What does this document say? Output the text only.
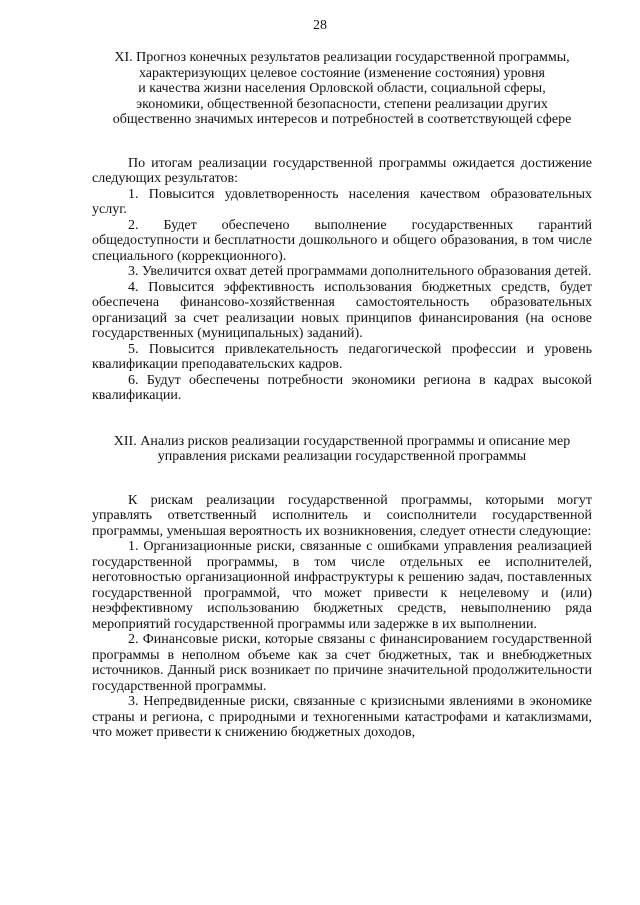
28
XI. Прогноз конечных результатов реализации государственной программы,
характеризующих целевое состояние (изменение состояния) уровня
и качества жизни населения Орловской области, социальной сферы,
экономики, общественной безопасности, степени реализации других
общественно значимых интересов и потребностей в соответствующей сфере

По итогам реализации государственной программы ожидается достижение следующих результатов:

1. Повысится удовлетворенность населения качеством образовательных услуг.

2. Будет обеспечено выполнение государственных гарантий общедоступности и бесплатности дошкольного и общего образования, в том числе специального (коррекционного).

3. Увеличится охват детей программами дополнительного образования детей.

4. Повысится эффективность использования бюджетных средств, будет обеспечена финансово-хозяйственная самостоятельность образовательных организаций за счет реализации новых принципов финансирования (на основе государственных (муниципальных) заданий).

5. Повысится привлекательность педагогической профессии и уровень квалификации преподавательских кадров.

6. Будут обеспечены потребности экономики региона в кадрах высокой квалификации.

XII. Анализ рисков реализации государственной программы и описание мер
управления рисками реализации государственной программы

К рискам реализации государственной программы, которыми могут управлять ответственный исполнитель и соисполнители государственной программы, уменьшая вероятность их возникновения, следует отнести следующие:

1. Организационные риски, связанные с ошибками управления реализацией государственной программы, в том числе отдельных ее исполнителей, неготовностью организационной инфраструктуры к решению задач, поставленных государственной программой, что может привести к нецелевому и (или) неэффективному использованию бюджетных средств, невыполнению ряда мероприятий государственной программы или задержке в их выполнении.

2. Финансовые риски, которые связаны с финансированием государственной программы в неполном объеме как за счет бюджетных, так и внебюджетных источников. Данный риск возникает по причине значительной продолжительности государственной программы.

3. Непредвиденные риски, связанные с кризисными явлениями в экономике страны и региона, с природными и техногенными катастрофами и катаклизмами, что может привести к снижению бюджетных доходов,
